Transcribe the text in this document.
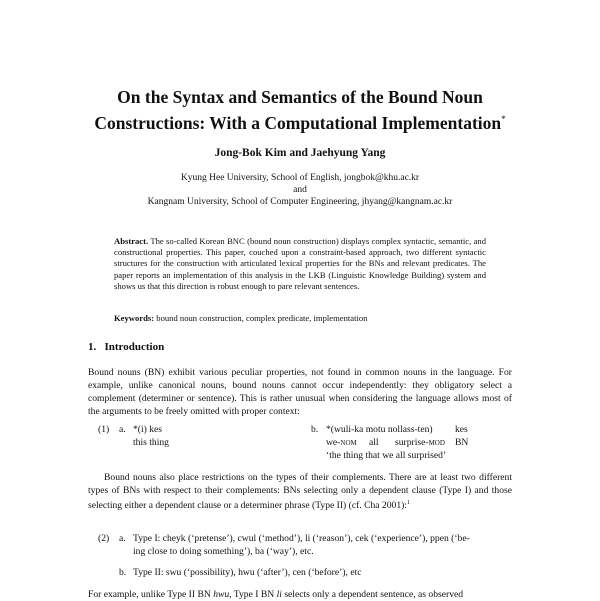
On the Syntax and Semantics of the Bound Noun
Constructions: With a Computational Implementation*
Jong-Bok Kim and Jaehyung Yang
Kyung Hee University, School of English, jongbok@khu.ac.kr
and
Kangnam University, School of Computer Engineering, jhyang@kangnam.ac.kr
Abstract. The so-called Korean BNC (bound noun construction) displays complex syntactic, semantic, and constructional properties. This paper, couched upon a constraint-based approach, two different syntactic structures for the construction with articulated lexical properties for the BNs and relevant predicates. The paper reports an implementation of this analysis in the LKB (Linguistic Knowledge Building) system and shows us that this direction is robust enough to pare relevant sentences.
Keywords: bound noun construction, complex predicate, implementation
1. Introduction
Bound nouns (BN) exhibit various peculiar properties, not found in common nouns in the language. For example, unlike canonical nouns, bound nouns cannot occur independently: they obligatory select a complement (determiner or sentence). This is rather unusual when considering the language allows most of the arguments to be freely omitted with proper context:
(1) a. *(i) kes
this thing
b. *(wuli-ka motu nollass-ten) kes
we-nom all surprise-mod BN
‘the thing that we all surprised’
Bound nouns also place restrictions on the types of their complements. There are at least two different types of BNs with respect to their complements: BNs selecting only a dependent clause (Type I) and those selecting either a dependent clause or a determiner phrase (Type II) (cf. Cha 2001):$^1$
(2) a. Type I: cheyk (‘pretense’), cwul (‘method’), li (‘reason’), cek (‘experience’), ppen (‘be-
ing close to doing something’), ba (‘way’), etc.
b. Type II: swu (‘possibility), hwu (‘after’), cen (‘before’), etc
For example, unlike Type II BN hwu, Type I BN li selects only a dependent sentence, as observed
